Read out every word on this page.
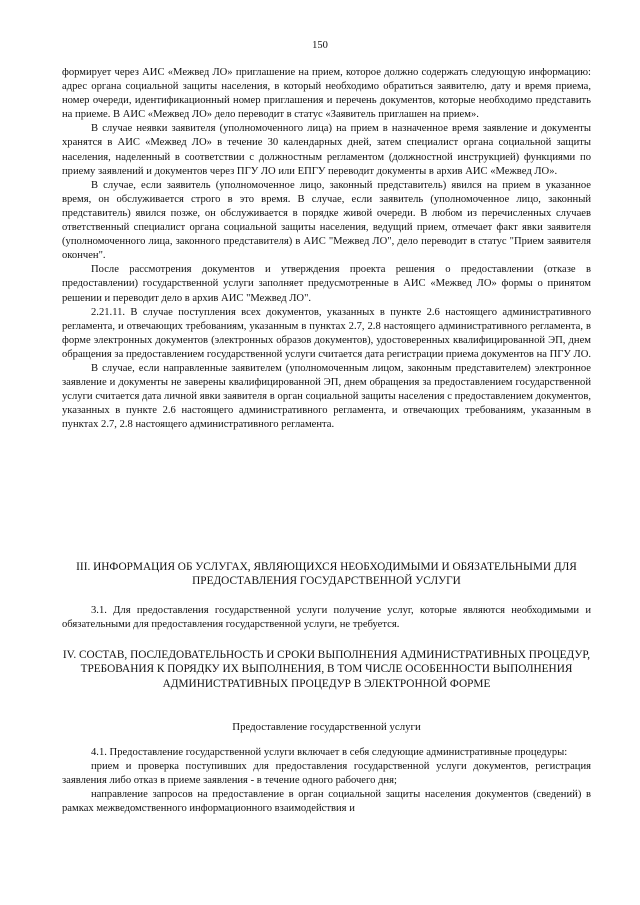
150

формирует через АИС «Межвед ЛО» приглашение на прием, которое должно содержать следующую информацию: адрес органа социальной защиты населения, в который необходимо обратиться заявителю, дату и время приема, номер очереди, идентификационный номер приглашения и перечень документов, которые необходимо представить на приеме. В АИС «Межвед ЛО» дело переводит в статус «Заявитель приглашен на прием».

В случае неявки заявителя (уполномоченного лица) на прием в назначенное время заявление и документы хранятся в АИС «Межвед ЛО» в течение 30 календарных дней, затем специалист органа социальной защиты населения, наделенный в соответствии с должностным регламентом (должностной инструкцией) функциями по приему заявлений и документов через ПГУ ЛО или ЕПГУ переводит документы в архив АИС «Межвед ЛО».

В случае, если заявитель (уполномоченное лицо, законный представитель) явился на прием в указанное время, он обслуживается строго в это время. В случае, если заявитель (уполномоченное лицо, законный представитель) явился позже, он обслуживается в порядке живой очереди. В любом из перечисленных случаев ответственный специалист органа социальной защиты населения, ведущий прием, отмечает факт явки заявителя (уполномоченного лица, законного представителя) в АИС "Межвед ЛО", дело переводит в статус "Прием заявителя окончен".

После рассмотрения документов и утверждения проекта решения о предоставлении (отказе в предоставлении) государственной услуги заполняет предусмотренные в АИС «Межвед ЛО» формы о принятом решении и переводит дело в архив АИС "Межвед ЛО".

2.21.11. В случае поступления всех документов, указанных в пункте 2.6 настоящего административного регламента, и отвечающих требованиям, указанным в пунктах 2.7, 2.8 настоящего административного регламента, в форме электронных документов (электронных образов документов), удостоверенных квалифицированной ЭП, днем обращения за предоставлением государственной услуги считается дата регистрации приема документов на ПГУ ЛО.

В случае, если направленные заявителем (уполномоченным лицом, законным представителем) электронное заявление и документы не заверены квалифицированной ЭП, днем обращения за предоставлением государственной услуги считается дата личной явки заявителя в орган социальной защиты населения с предоставлением документов, указанных в пункте 2.6 настоящего административного регламента, и отвечающих требованиям, указанным в пунктах 2.7, 2.8 настоящего административного регламента.

III. ИНФОРМАЦИЯ ОБ УСЛУГАХ, ЯВЛЯЮЩИХСЯ НЕОБХОДИМЫМИ И ОБЯЗАТЕЛЬНЫМИ ДЛЯ ПРЕДОСТАВЛЕНИЯ ГОСУДАРСТВЕННОЙ УСЛУГИ

3.1. Для предоставления государственной услуги получение услуг, которые являются необходимыми и обязательными для предоставления государственной услуги, не требуется.

IV. СОСТАВ, ПОСЛЕДОВАТЕЛЬНОСТЬ И СРОКИ ВЫПОЛНЕНИЯ АДМИНИСТРАТИВНЫХ ПРОЦЕДУР, ТРЕБОВАНИЯ К ПОРЯДКУ ИХ ВЫПОЛНЕНИЯ, В ТОМ ЧИСЛЕ ОСОБЕННОСТИ ВЫПОЛНЕНИЯ АДМИНИСТРАТИВНЫХ ПРОЦЕДУР В ЭЛЕКТРОННОЙ ФОРМЕ
Предоставление государственной услуги

4.1. Предоставление государственной услуги включает в себя следующие административные процедуры:

прием и проверка поступивших для предоставления государственной услуги документов, регистрация заявления либо отказ в приеме заявления - в течение одного рабочего дня;

направление запросов на предоставление в орган социальной защиты населения документов (сведений) в рамках межведомственного информационного взаимодействия и
